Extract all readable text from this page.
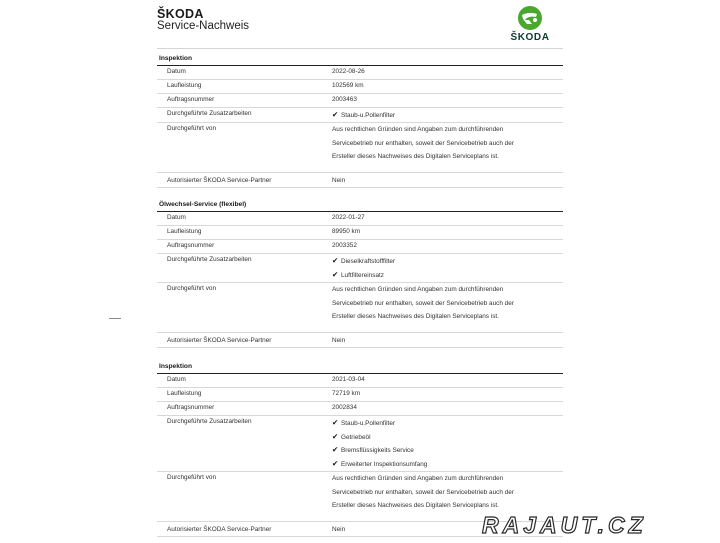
ŠKODA
Service-Nachweis
ŠKODA
Inspektion
Datum	2022-08-26
Laufleistung	102569 km
Auftragsnummer	2003463
Durchgeführte Zusatzarbeiten	✔ Staub-u.Pollenfilter
Durchgeführt von	Aus rechtlichen Gründen sind Angaben zum durchführenden
Servicebetrieb nur enthalten, soweit der Servicebetrieb auch der
Ersteller dieses Nachweises des Digitalen Serviceplans ist.
Autorisierter ŠKODA Service-Partner	Nein
Ölwechsel-Service (flexibel)
Datum	2022-01-27
Laufleistung	89950 km
Auftragsnummer	2003352
Durchgeführte Zusatzarbeiten	✔ Dieselkraftstofffilter
✔ Luftfiltereinsatz
Durchgeführt von	Aus rechtlichen Gründen sind Angaben zum durchführenden
Servicebetrieb nur enthalten, soweit der Servicebetrieb auch der
Ersteller dieses Nachweises des Digitalen Serviceplans ist.
Autorisierter ŠKODA Service-Partner	Nein
Inspektion
Datum	2021-03-04
Laufleistung	72719 km
Auftragsnummer	2002834
Durchgeführte Zusatzarbeiten	✔ Staub-u.Pollenfilter
✔ Getriebeöl
✔ Bremsflüssigkeits Service
✔ Erweiterter Inspektionsumfang
Durchgeführt von	Aus rechtlichen Gründen sind Angaben zum durchführenden
Servicebetrieb nur enthalten, soweit der Servicebetrieb auch der
Ersteller dieses Nachweises des Digitalen Serviceplans ist.
Autorisierter ŠKODA Service-Partner	Nein	RAJAUT.CZ
